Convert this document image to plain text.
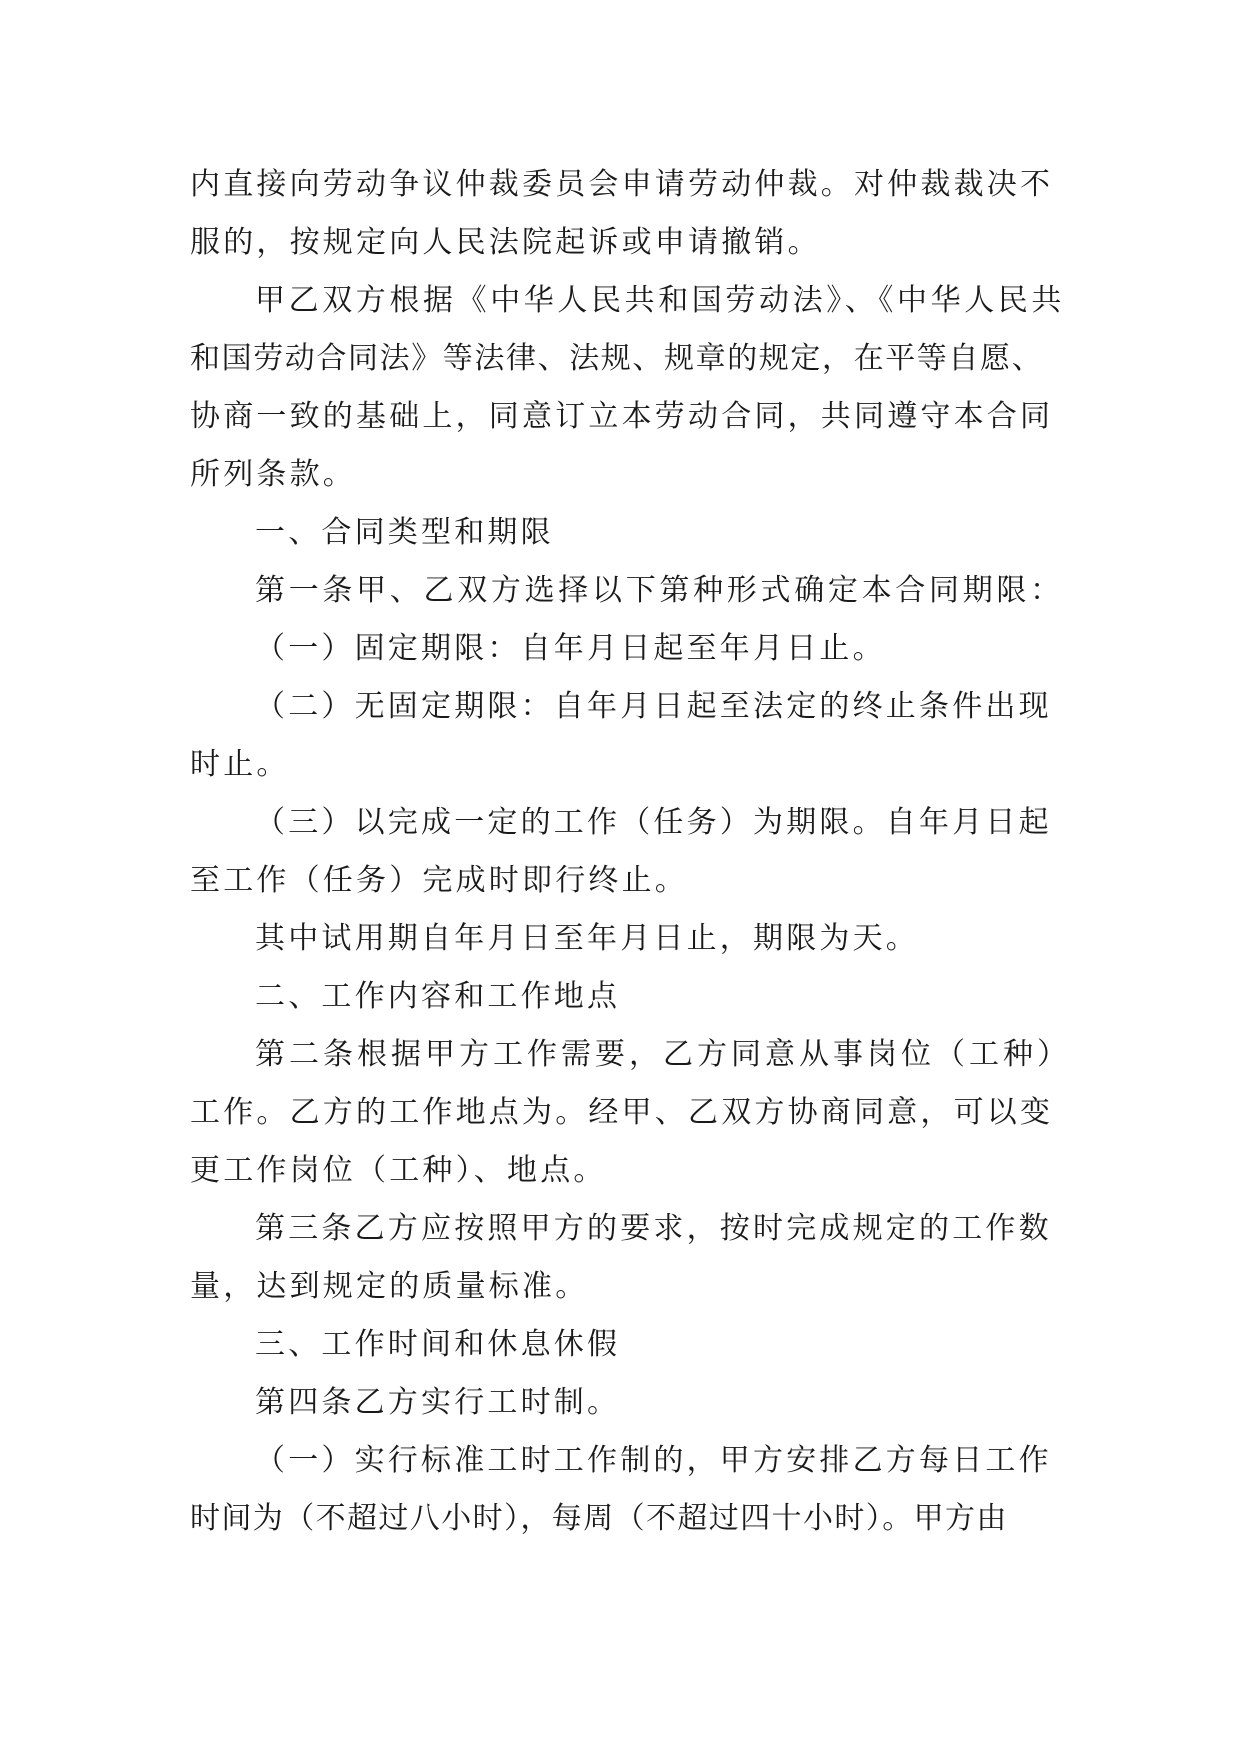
内直接向劳动争议仲裁委员会申请劳动仲裁。对仲裁裁决不

服的，按规定向人民法院起诉或申请撤销。

甲乙双方根据《中华人民共和国劳动法》、《中华人民共

和国劳动合同法》等法律、法规、规章的规定，在平等自愿、

协商一致的基础上，同意订立本劳动合同，共同遵守本合同

所列条款。

一、合同类型和期限

第一条甲、乙双方选择以下第种形式确定本合同期限：

（一）固定期限：自年月日起至年月日止。

（二）无固定期限：自年月日起至法定的终止条件出现

时止。

（三）以完成一定的工作（任务）为期限。自年月日起

至工作（任务）完成时即行终止。

其中试用期自年月日至年月日止，期限为天。

二、工作内容和工作地点

第二条根据甲方工作需要，乙方同意从事岗位（工种）

工作。乙方的工作地点为。经甲、乙双方协商同意，可以变

更工作岗位（工种）、地点。

第三条乙方应按照甲方的要求，按时完成规定的工作数

量，达到规定的质量标准。

三、工作时间和休息休假

第四条乙方实行工时制。

（一）实行标准工时工作制的，甲方安排乙方每日工作

时间为（不超过八小时），每周（不超过四十小时）。甲方由
